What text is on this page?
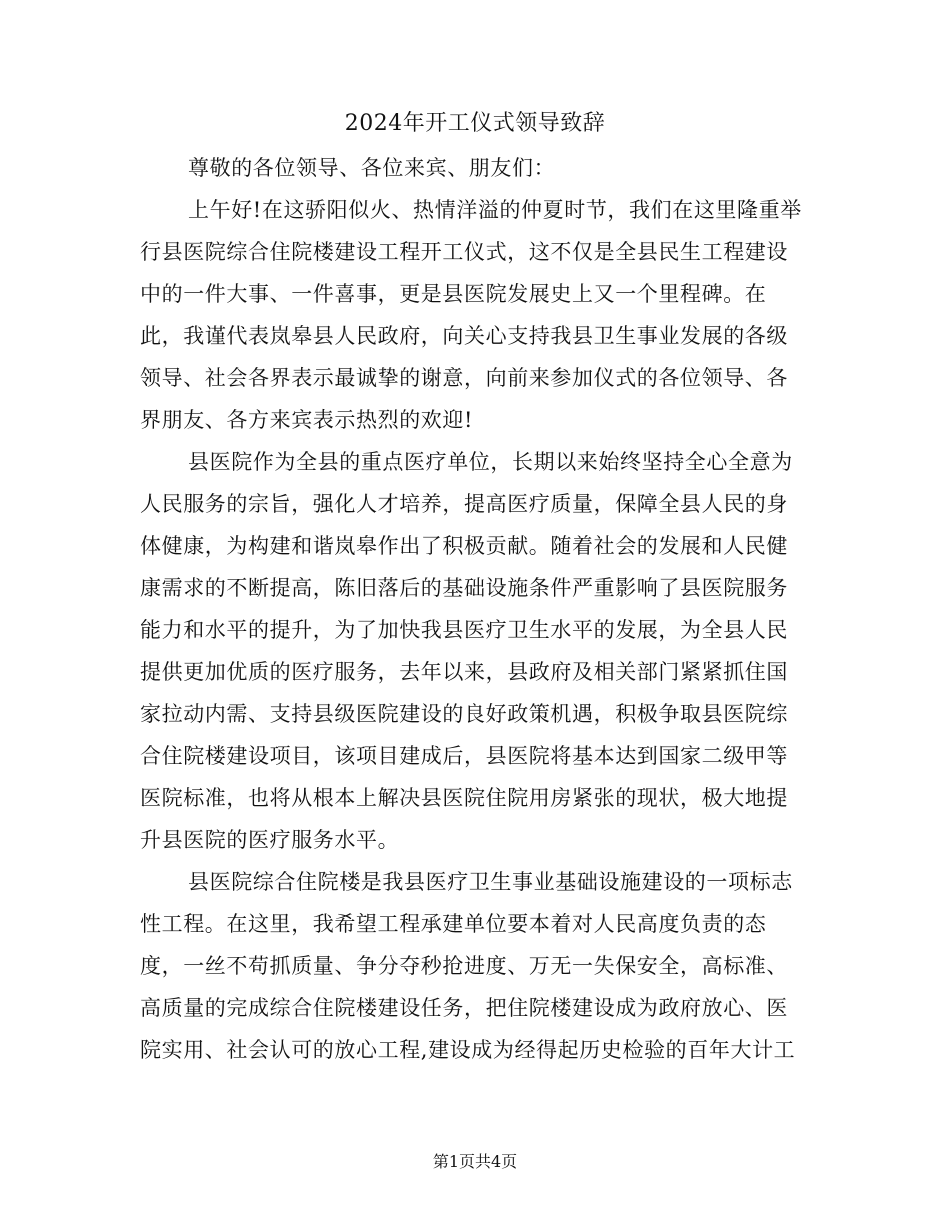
2024年开工仪式领导致辞
尊敬的各位领导、各位来宾、朋友们：
上午好!在这骄阳似火、热情洋溢的仲夏时节，我们在这里隆重举
行县医院综合住院楼建设工程开工仪式，这不仅是全县民生工程建设
中的一件大事、一件喜事，更是县医院发展史上又一个里程碑。在
此，我谨代表岚皋县人民政府，向关心支持我县卫生事业发展的各级
领导、社会各界表示最诚挚的谢意，向前来参加仪式的各位领导、各
界朋友、各方来宾表示热烈的欢迎!
县医院作为全县的重点医疗单位，长期以来始终坚持全心全意为
人民服务的宗旨，强化人才培养，提高医疗质量，保障全县人民的身
体健康，为构建和谐岚皋作出了积极贡献。随着社会的发展和人民健
康需求的不断提高，陈旧落后的基础设施条件严重影响了县医院服务
能力和水平的提升，为了加快我县医疗卫生水平的发展，为全县人民
提供更加优质的医疗服务，去年以来，县政府及相关部门紧紧抓住国
家拉动内需、支持县级医院建设的良好政策机遇，积极争取县医院综
合住院楼建设项目，该项目建成后，县医院将基本达到国家二级甲等
医院标准，也将从根本上解决县医院住院用房紧张的现状，极大地提
升县医院的医疗服务水平。
县医院综合住院楼是我县医疗卫生事业基础设施建设的一项标志
性工程。在这里，我希望工程承建单位要本着对人民高度负责的态
度，一丝不苟抓质量、争分夺秒抢进度、万无一失保安全，高标准、
高质量的完成综合住院楼建设任务，把住院楼建设成为政府放心、医
院实用、社会认可的放心工程,建设成为经得起历史检验的百年大计工
第1页共4页
